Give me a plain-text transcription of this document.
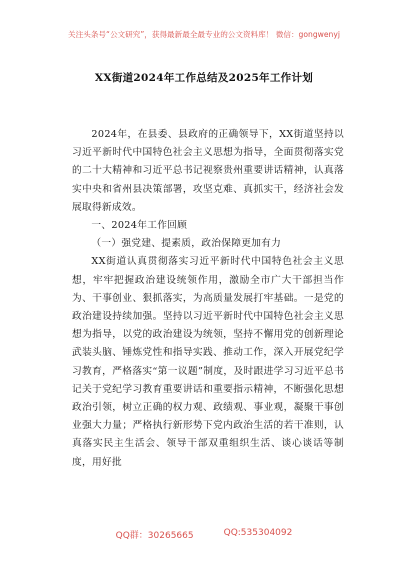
关注头条号“公文研究”，获得最新最全最专业的公文资料库！ 微信：gongwenyj
XX街道2024年工作总结及2025年工作计划

2024年，在县委、县政府的正确领导下，XX街道坚持以习近平新时代中国特色社会主义思想为指导，全面贯彻落实党的二十大精神和习近平总书记视察贵州重要讲话精神，认真落实中央和省州县决策部署，攻坚克难、真抓实干，经济社会发展取得新成效。

一、2024年工作回顾

（一）强党建、提素质，政治保障更加有力

XX街道认真贯彻落实习近平新时代中国特色社会主义思想，牢牢把握政治建设统领作用，激励全市广大干部担当作为、干事创业、狠抓落实，为高质量发展打牢基础。一是党的政治建设持续加强。坚持以习近平新时代中国特色社会主义思想为指导，以党的政治建设为统领，坚持不懈用党的创新理论武装头脑、锤炼党性和指导实践、推动工作，深入开展党纪学习教育，严格落实“第一议题”制度，及时跟进学习习近平总书记关于党纪学习教育重要讲话和重要指示精神，不断强化思想政治引领，树立正确的权力观、政绩观、事业观，凝聚干事创业强大力量；严格执行新形势下党内政治生活的若干准则，认真落实民主生活会、领导干部双重组织生活、谈心谈话等制度，用好批

QQ群：30265665	QQ:535304092
